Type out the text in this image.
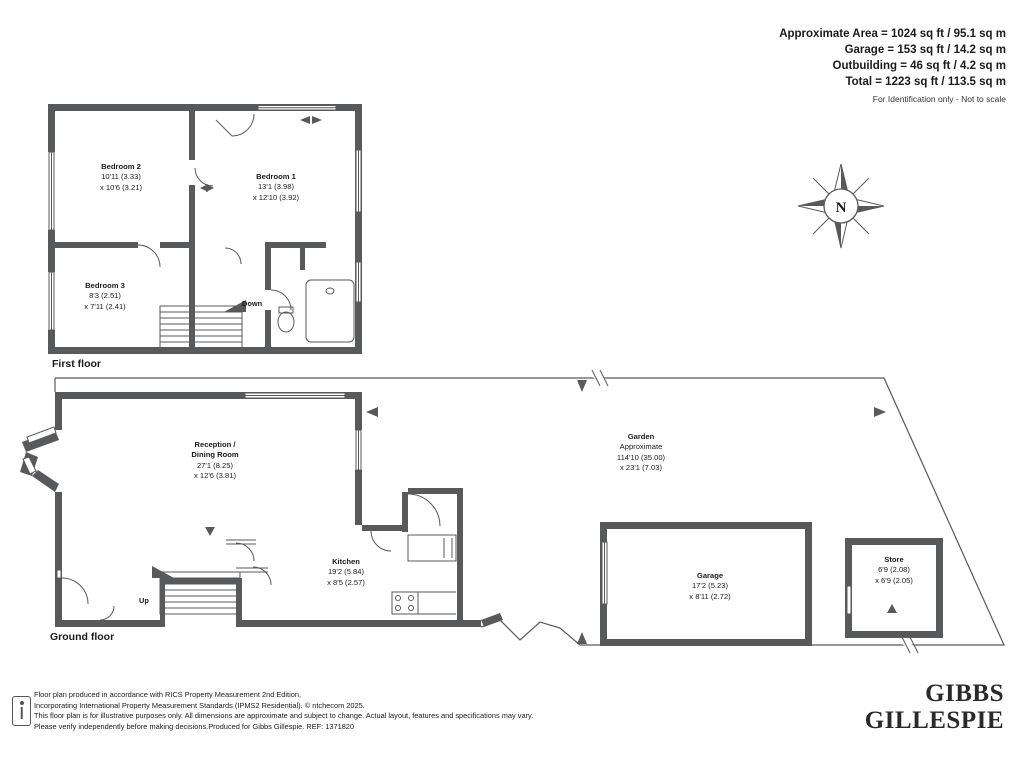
Approximate Area = 1024 sq ft / 95.1 sq m
Garage = 153 sq ft / 14.2 sq m
Outbuilding = 46 sq ft / 4.2 sq m
Total = 1223 sq ft / 113.5 sq m
For Identification only - Not to scale
N
First floor
Ground floor
Bedroom 2
10'11 (3.33)
x 10'6 (3.21)
Bedroom 1
13'1 (3.98)
x 12'10 (3.92)
Bedroom 3
8'3 (2.51)
x 7'11 (2.41)	Down
Reception /
Dining Room
27'1 (8.25)
x 12'6 (3.81)
Kitchen
19'2 (5.84)
x 8'5 (2.57)
Up
Garden
Approximate
114'10 (35.00)
x 23'1 (7.03)
Garage
17'2 (5.23)
x 8'11 (2.72)
Store
6'9 (2.08)
x 6'9 (2.05)
Floor plan produced in accordance with RICS Property Measurement 2nd Edition,
Incorporating International Property Measurement Standards (IPMS2 Residential). © ntchecom 2025.
This floor plan is for illustrative purposes only. All dimensions are approximate and subject to change. Actual layout, features and specifications may vary.
Please verify independently before making decisions.Produced for Gibbs Gillespie. REF: 1371820
GIBBS
GILLESPIE
